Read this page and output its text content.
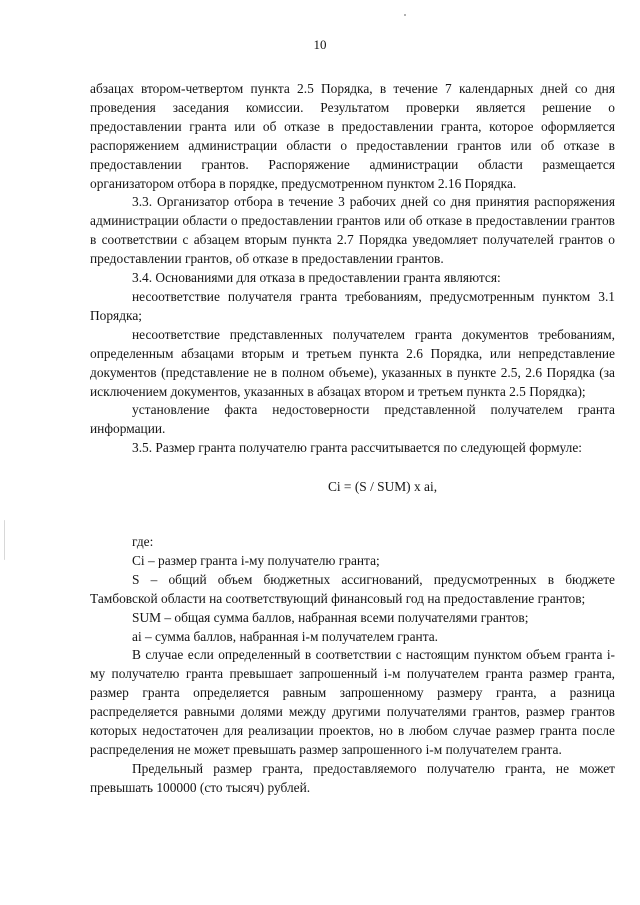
10

абзацах втором-четвертом пункта 2.5 Порядка, в течение 7 календарных дней со дня проведения заседания комиссии. Результатом проверки является решение о предоставлении гранта или об отказе в предоставлении гранта, которое оформляется распоряжением администрации области о предоставлении грантов или об отказе в предоставлении грантов. Распоряжение администрации области размещается организатором отбора в порядке, предусмотренном пунктом 2.16 Порядка.

3.3. Организатор отбора в течение 3 рабочих дней со дня принятия распоряжения администрации области о предоставлении грантов или об отказе в предоставлении грантов в соответствии с абзацем вторым пункта 2.7 Порядка уведомляет получателей грантов о предоставлении грантов, об отказе в предоставлении грантов.

3.4. Основаниями для отказа в предоставлении гранта являются:

несоответствие получателя гранта требованиям, предусмотренным пунктом 3.1 Порядка;

несоответствие представленных получателем гранта документов требованиям, определенным абзацами вторым и третьем пункта 2.6 Порядка, или непредставление документов (представление не в полном объеме), указанных в пункте 2.5, 2.6 Порядка (за исключением документов, указанных в абзацах втором и третьем пункта 2.5 Порядка);

установление факта недостоверности представленной получателем гранта информации.

3.5. Размер гранта получателю гранта рассчитывается по следующей формуле:

Ci = (S / SUM) x ai,

где:

Ci – размер гранта i-му получателю гранта;

S – общий объем бюджетных ассигнований, предусмотренных в бюджете Тамбовской области на соответствующий финансовый год на предоставление грантов;

SUM – общая сумма баллов, набранная всеми получателями грантов;

ai – сумма баллов, набранная i-м получателем гранта.

В случае если определенный в соответствии с настоящим пунктом объем гранта i-му получателю гранта превышает запрошенный i-м получателем гранта размер гранта, размер гранта определяется равным запрошенному размеру гранта, а разница распределяется равными долями между другими получателями грантов, размер грантов которых недостаточен для реализации проектов, но в любом случае размер гранта после распределения не может превышать размер запрошенного i-м получателем гранта.

Предельный размер гранта, предоставляемого получателю гранта, не может превышать 100000 (сто тысяч) рублей.
